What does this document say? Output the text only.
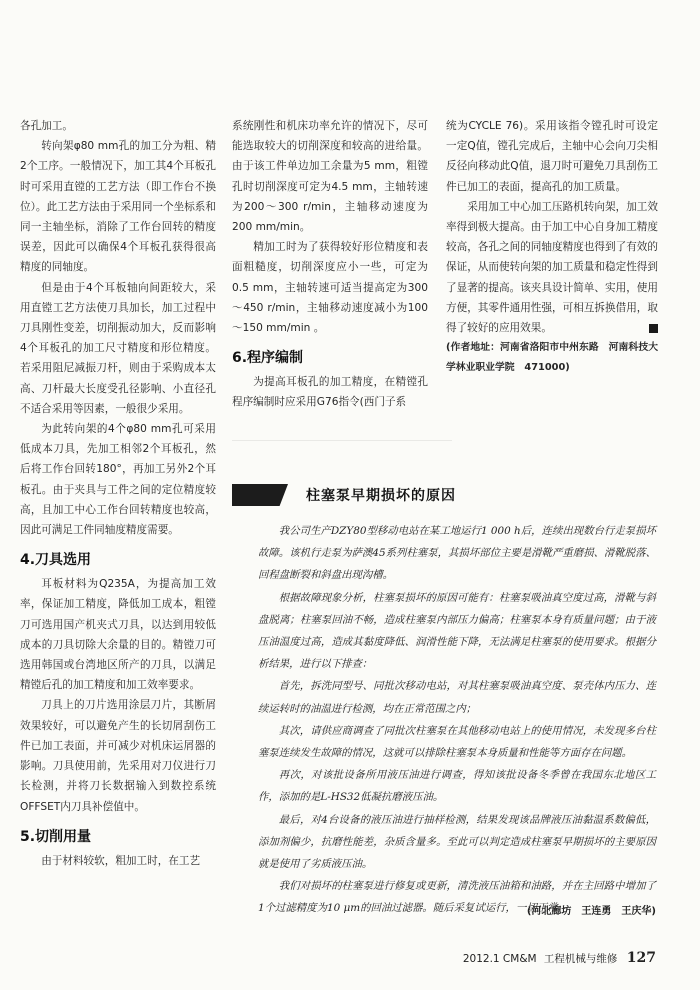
各孔加工。

转向架φ80 mm孔的加工分为粗、精2个工序。一般情况下，加工其4个耳板孔时可采用直镗的工艺方法（即工作台不换位）。此工艺方法由于采用同一个坐标系和同一主轴坐标，消除了工作台回转的精度误差，因此可以确保4个耳板孔获得很高精度的同轴度。

但是由于4个耳板轴向间距较大，采用直镗工艺方法使刀具加长，加工过程中刀具刚性变差，切削振动加大，反而影响4个耳板孔的加工尺寸精度和形位精度。若采用阻尼减振刀杆，则由于采购成本太高、刀杆最大长度受孔径影响、小直径孔不适合采用等因素，一般很少采用。

为此转向架的4个φ80 mm孔可采用低成本刀具，先加工相邻2个耳板孔，然后将工作台回转180°，再加工另外2个耳板孔。由于夹具与工件之间的定位精度较高，且加工中心工作台回转精度也较高，因此可满足工件同轴度精度需要。

4.刀具选用

耳板材料为Q235A，为提高加工效率，保证加工精度，降低加工成本，粗镗刀可选用国产机夹式刀具，以达到用较低成本的刀具切除大余量的目的。精镗刀可选用韩国或台湾地区所产的刀具，以满足精镗后孔的加工精度和加工效率要求。

刀具上的刀片选用涂层刀片，其断屑效果较好，可以避免产生的长切屑刮伤工件已加工表面，并可减少对机床运屑器的影响。刀具使用前，先采用对刀仪进行刀长检测，并将刀长数据输入到数控系统OFFSET内刀具补偿值中。

5.切削用量

由于材料较软，粗加工时，在工艺

系统刚性和机床功率允许的情况下，尽可能选取较大的切削深度和较高的进给量。由于该工件单边加工余量为5 mm，粗镗孔时切削深度可定为4.5 mm，主轴转速为200～300 r/min，主轴移动速度为200 mm/min。

精加工时为了获得较好形位精度和表面粗糙度，切削深度应小一些，可定为0.5 mm，主轴转速可适当提高定为300～450 r/min，主轴移动速度减小为100～150 mm/min 。

6.程序编制

为提高耳板孔的加工精度，在精镗孔程序编制时应采用G76指令(西门子系

统为CYCLE 76)。采用该指令镗孔时可设定一定Q值，镗孔完成后，主轴中心会向刀尖相反径向移动此Q值，退刀时可避免刀具刮伤工件已加工的表面，提高孔的加工质量。

采用加工中心加工压路机转向架，加工效率得到极大提高。由于加工中心自身加工精度较高，各孔之间的同轴度精度也得到了有效的保证，从而使转向架的加工质量和稳定性得到了显著的提高。该夹具设计简单、实用，使用方便，其零件通用性强，可相互拆换借用，取得了较好的应用效果。

(作者地址：河南省洛阳市中州东路　河南科技大学林业职业学院　471000)

柱塞泵早期损坏的原因

我公司生产DZY80型移动电站在某工地运行1 000 h后，连续出现数台行走泵损坏故障。该机行走泵为萨澳45系列柱塞泵，其损坏部位主要是滑靴严重磨损、滑靴脱落、回程盘断裂和斜盘出现沟槽。

根据故障现象分析，柱塞泵损坏的原因可能有：柱塞泵吸油真空度过高，滑靴与斜盘脱离；柱塞泵回油不畅，造成柱塞泵内部压力偏高；柱塞泵本身有质量问题；由于液压油温度过高，造成其黏度降低、润滑性能下降，无法满足柱塞泵的使用要求。根据分析结果，进行以下排查：

首先，拆洗同型号、同批次移动电站，对其柱塞泵吸油真空度、泵壳体内压力、连续运转时的油温进行检测，均在正常范围之内；

其次，请供应商调查了同批次柱塞泵在其他移动电站上的使用情况，未发现多台柱塞泵连续发生故障的情况，这就可以排除柱塞泵本身质量和性能等方面存在问题。

再次，对该批设备所用液压油进行调查，得知该批设备冬季曾在我国东北地区工作，添加的是L-HS32低凝抗磨液压油。

最后，对4台设备的液压油进行抽样检测，结果发现该品牌液压油黏温系数偏低，添加剂偏少，抗磨性能差，杂质含量多。至此可以判定造成柱塞泵早期损坏的主要原因就是使用了劣质液压油。

我们对损坏的柱塞泵进行修复或更新，清洗液压油箱和油路，并在主回路中增加了1个过滤精度为10 μm的回油过滤器。随后采复试运行，一切正常。

(河北廊坊　王连勇　王庆华)
2012.1 CM&M 工程机械与维修 127
